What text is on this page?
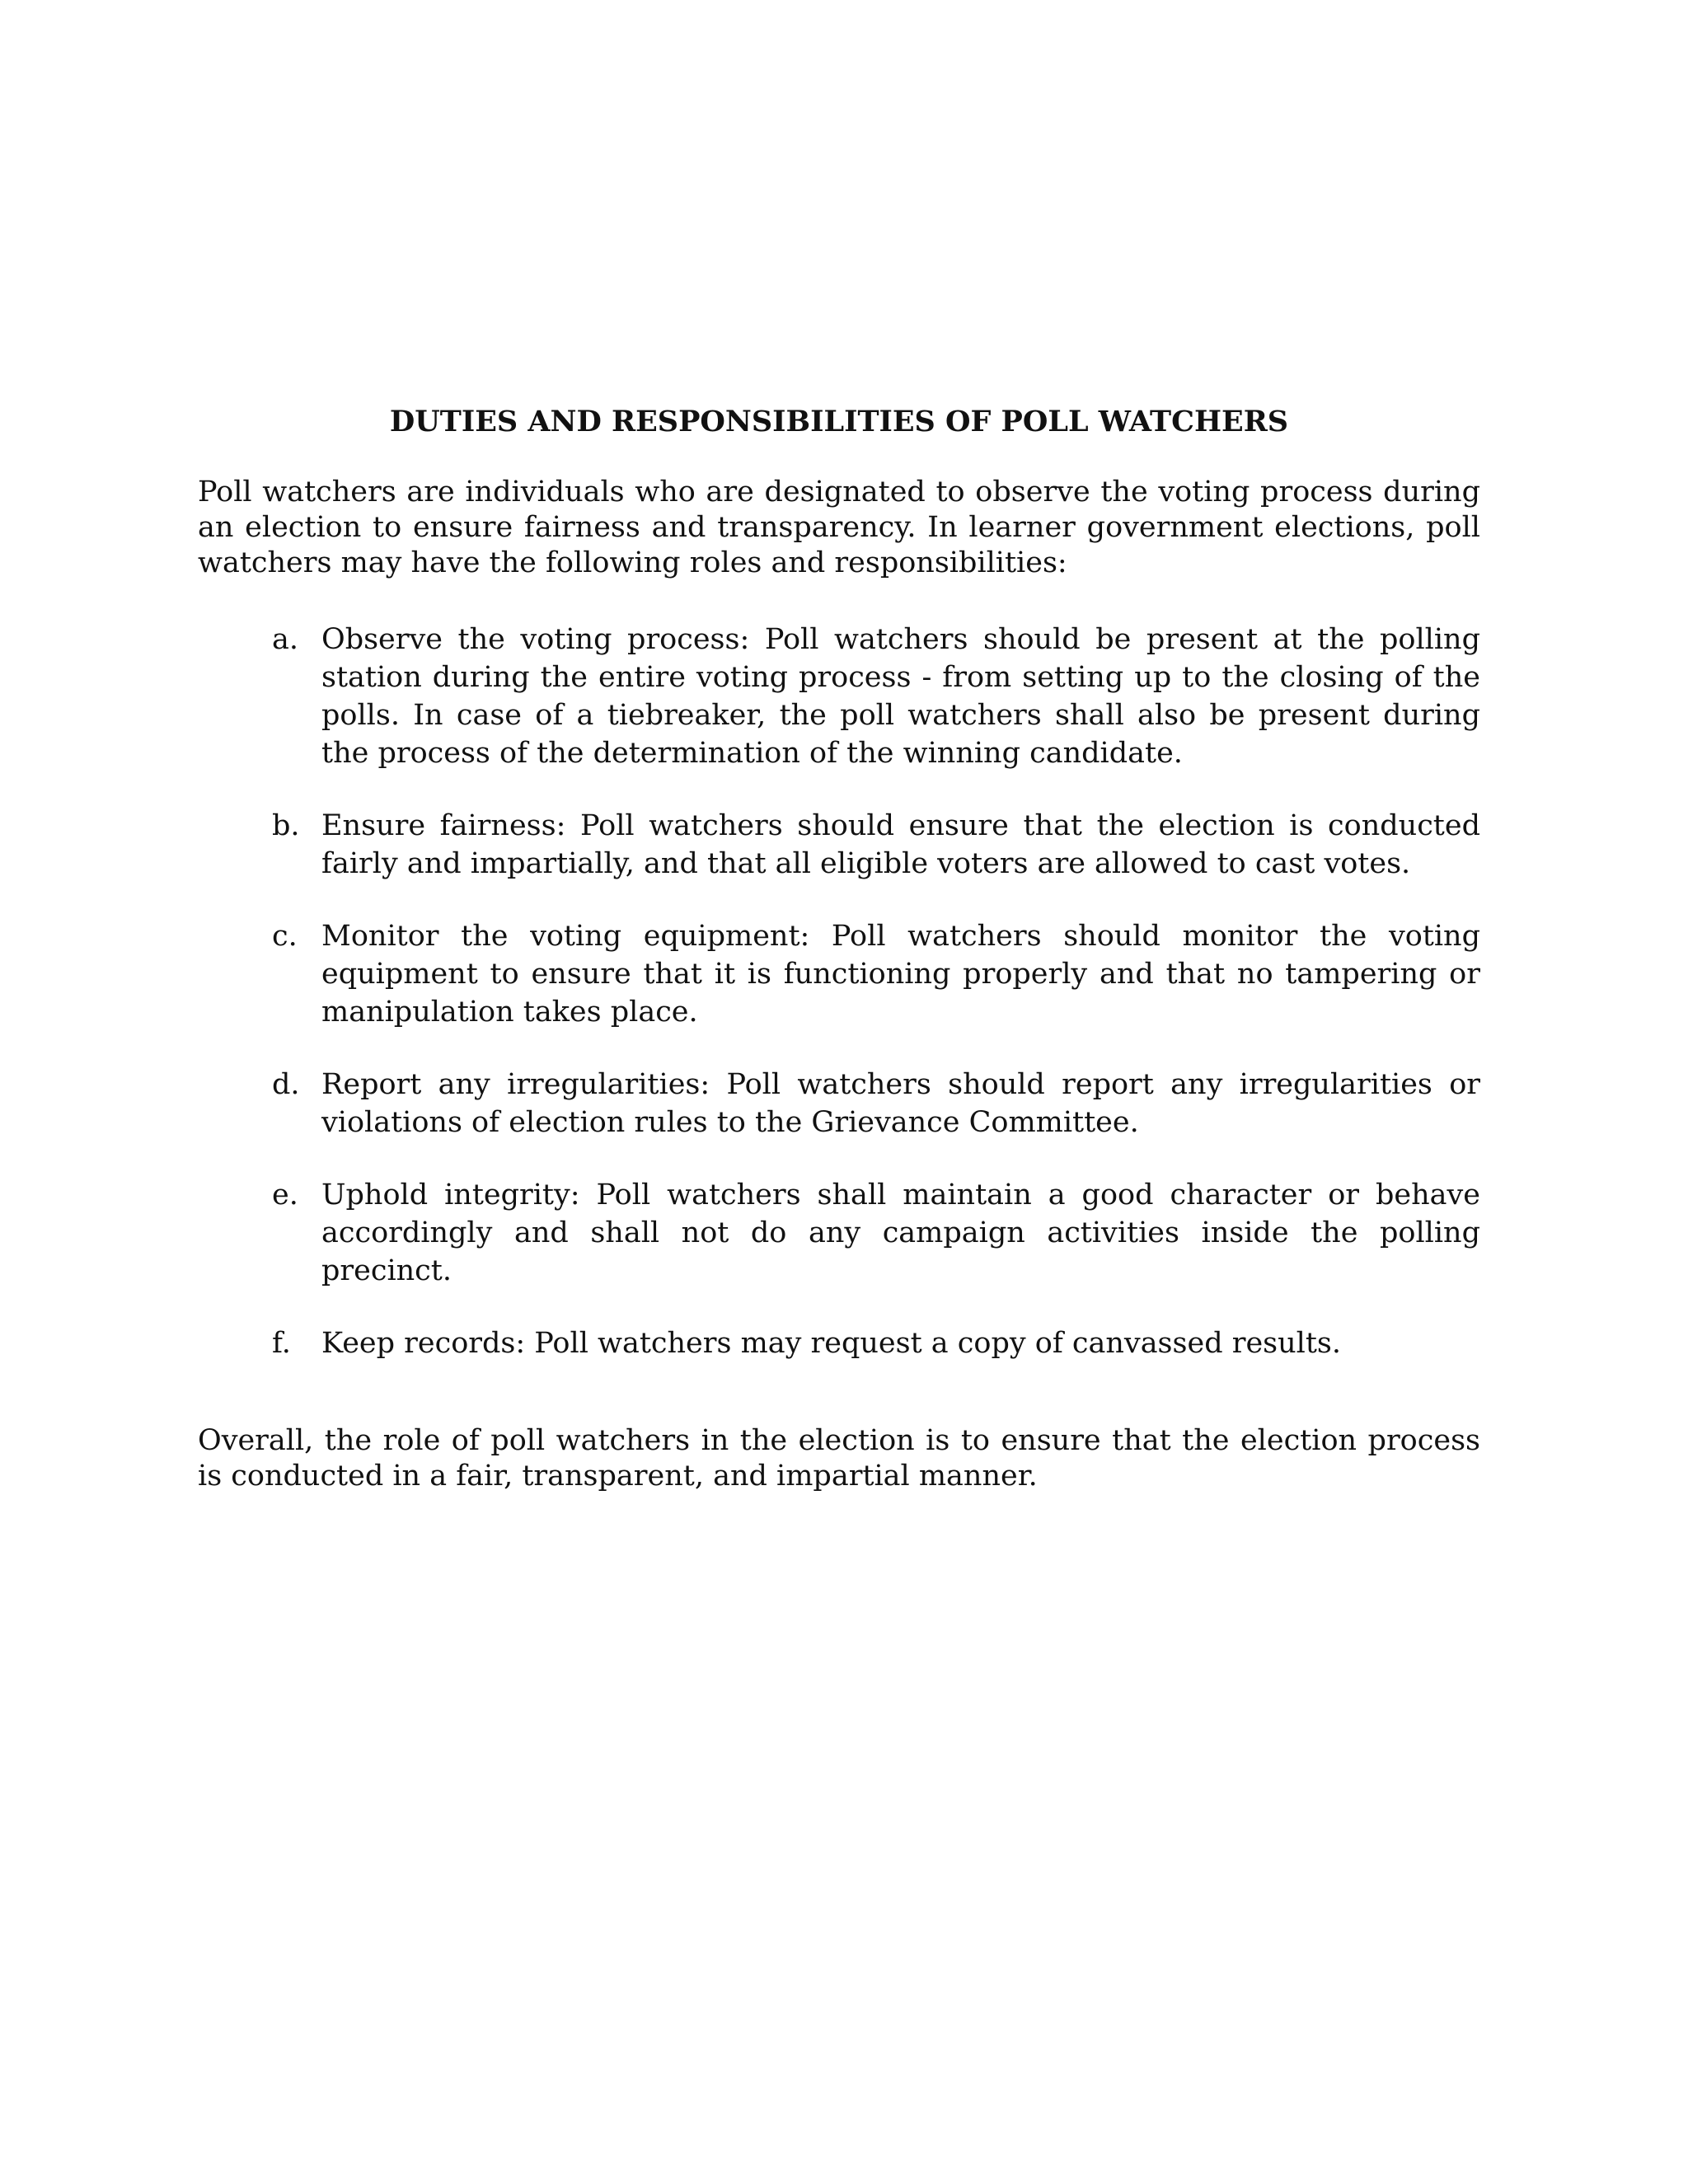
DUTIES AND RESPONSIBILITIES OF POLL WATCHERS

Poll watchers are individuals who are designated to observe the voting process during an election to ensure fairness and transparency. In learner government elections, poll watchers may have the following roles and responsibilities:

a. Observe the voting process: Poll watchers should be present at the polling station during the entire voting process - from setting up to the closing of the polls. In case of a tiebreaker, the poll watchers shall also be present during the process of the determination of the winning candidate.
b. Ensure fairness: Poll watchers should ensure that the election is conducted fairly and impartially, and that all eligible voters are allowed to cast votes.
c. Monitor the voting equipment: Poll watchers should monitor the voting equipment to ensure that it is functioning properly and that no tampering or manipulation takes place.
d. Report any irregularities: Poll watchers should report any irregularities or violations of election rules to the Grievance Committee.
e. Uphold integrity: Poll watchers shall maintain a good character or behave accordingly and shall not do any campaign activities inside the polling precinct.
f. Keep records: Poll watchers may request a copy of canvassed results.

Overall, the role of poll watchers in the election is to ensure that the election process is conducted in a fair, transparent, and impartial manner.
